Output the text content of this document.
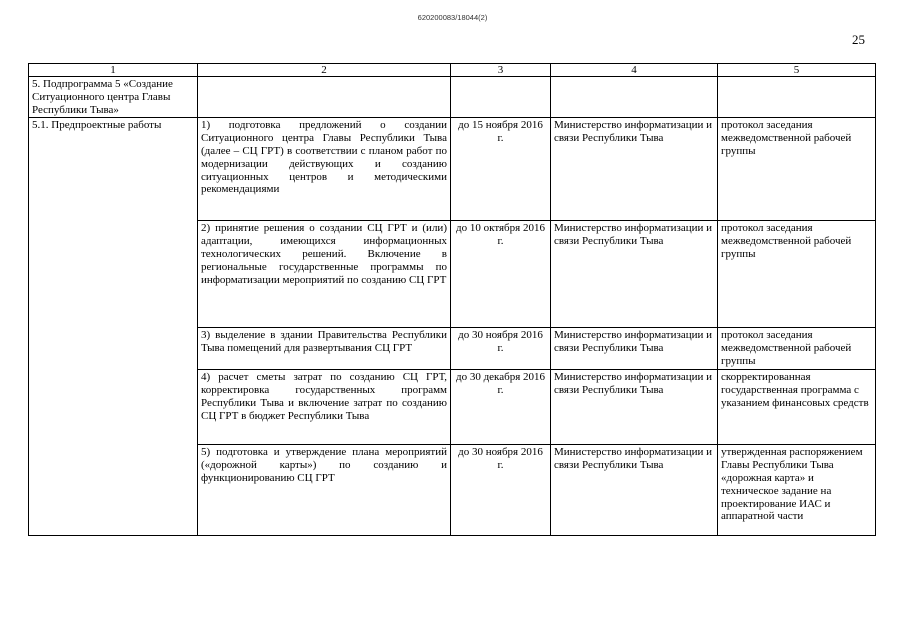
620200083/18044(2)
25
1	2	3	4	5
5. Подпрограмма 5 «Создание Ситуационного центра Главы Республики Тыва»				
5.1. Предпроектные работы	1) подготовка предложений о создании Ситуационного центра Главы Республики Тыва (далее – СЦ ГРТ) в соответствии с планом работ по модернизации действующих и созданию ситуационных центров и методическими рекомендациями	до 15 ноября 2016 г.	Министерство информатизации и связи Республики Тыва	протокол заседания межведомственной рабочей группы
	2) принятие решения о создании СЦ ГРТ и (или) адаптации, имеющихся информационных технологических решений. Включение в региональные государственные программы по информатизации мероприятий по созданию СЦ ГРТ	до 10 октября 2016 г.	Министерство информатизации и связи Республики Тыва	протокол заседания межведомственной рабочей группы
	3) выделение в здании Правительства Республики Тыва помещений для развертывания СЦ ГРТ	до 30 ноября 2016 г.	Министерство информатизации и связи Республики Тыва	протокол заседания межведомственной рабочей группы
	4) расчет сметы затрат по созданию СЦ ГРТ, корректировка государственных программ Республики Тыва и включение затрат по созданию СЦ ГРТ в бюджет Республики Тыва	до 30 декабря 2016 г.	Министерство информатизации и связи Республики Тыва	скорректированная государственная программа с указанием финансовых средств
	5) подготовка и утверждение плана мероприятий («дорожной карты») по созданию и функционированию СЦ ГРТ	до 30 ноября 2016 г.	Министерство информатизации и связи Республики Тыва	утвержденная распоряжением Главы Республики Тыва «дорожная карта» и техническое задание на проектирование ИАС и аппаратной части
